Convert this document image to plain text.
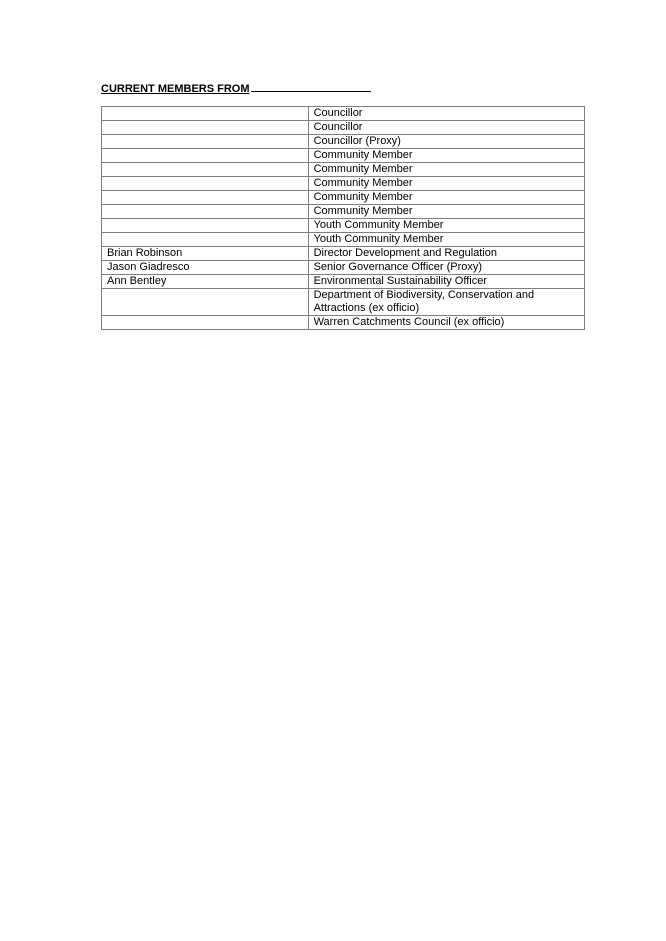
CURRENT MEMBERS FROM
	Councillor
	Councillor
	Councillor (Proxy)
	Community Member
	Community Member
	Community Member
	Community Member
	Community Member
	Youth Community Member
	Youth Community Member
Brian Robinson	Director Development and Regulation
Jason Giadresco	Senior Governance Officer (Proxy)
Ann Bentley	Environmental Sustainability Officer
	Department of Biodiversity, Conservation and Attractions (ex officio)
	Warren Catchments Council (ex officio)
